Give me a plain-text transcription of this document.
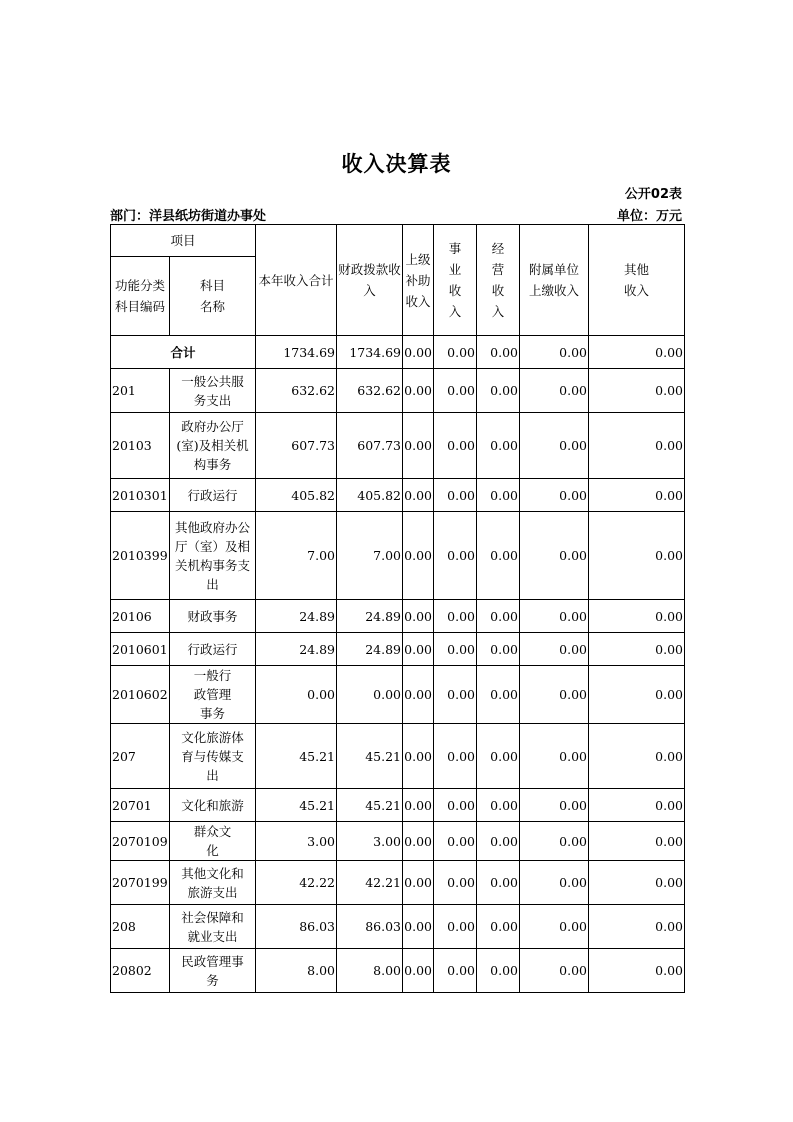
收入决算表
公开02表
部门：洋县纸坊街道办事处	单位：万元
项目		本年收入合计	财政拨款收入	上级补助收入	事业收入	经营收入	附属单位上缴收入	其他收入

功能分类科目编码	科目名称							

合计		1734.69	1734.69	0.00	0.00	0.00	0.00	0.00
201	一般公共服务支出	632.62	632.62	0.00	0.00	0.00	0.00	0.00
20103	政府办公厅(室)及相关机构事务	607.73	607.73	0.00	0.00	0.00	0.00	0.00
2010301	行政运行	405.82	405.82	0.00	0.00	0.00	0.00	0.00
2010399	其他政府办公厅（室）及相关机构事务支出	7.00	7.00	0.00	0.00	0.00	0.00	0.00
20106	财政事务	24.89	24.89	0.00	0.00	0.00	0.00	0.00
2010601	行政运行	24.89	24.89	0.00	0.00	0.00	0.00	0.00
2010602	一般行政管理事务	0.00	0.00	0.00	0.00	0.00	0.00	0.00
207	文化旅游体育与传媒支出	45.21	45.21	0.00	0.00	0.00	0.00	0.00
20701	文化和旅游	45.21	45.21	0.00	0.00	0.00	0.00	0.00
2070109	群众文化	3.00	3.00	0.00	0.00	0.00	0.00	0.00
2070199	其他文化和旅游支出	42.22	42.21	0.00	0.00	0.00	0.00	0.00
208	社会保障和就业支出	86.03	86.03	0.00	0.00	0.00	0.00	0.00
20802	民政管理事务	8.00	8.00	0.00	0.00	0.00	0.00	0.00
